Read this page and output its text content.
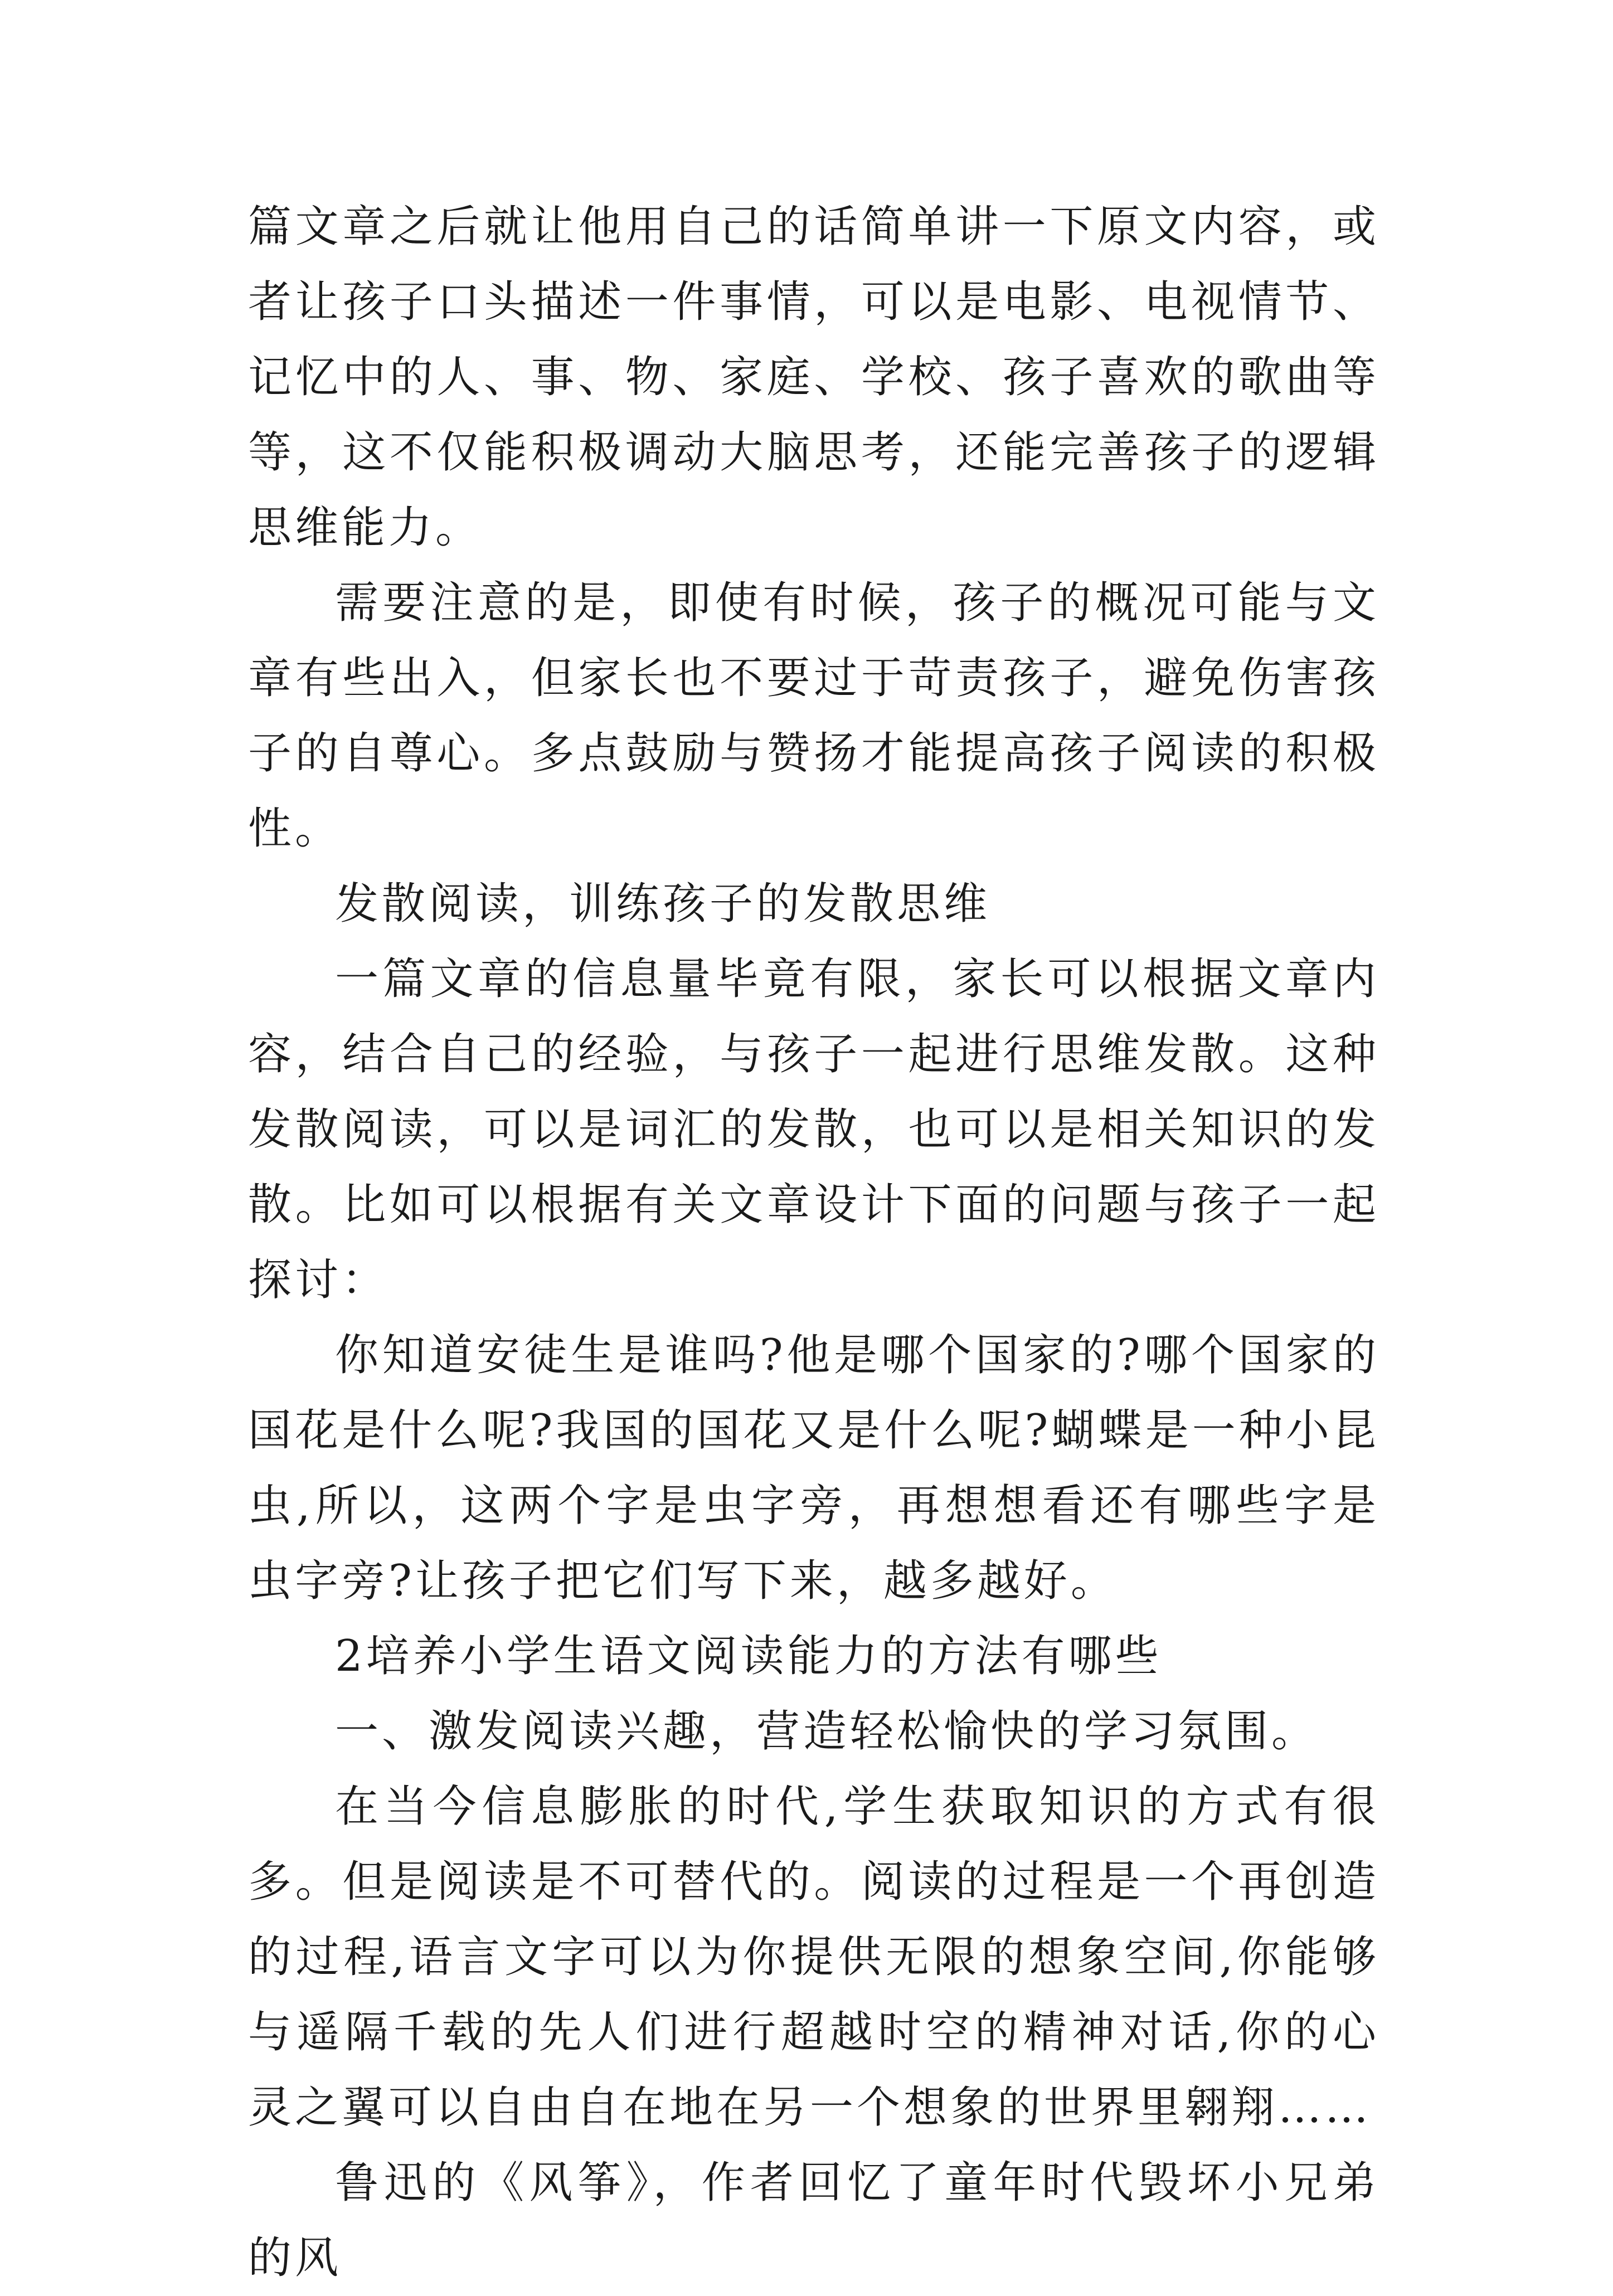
篇文章之后就让他用自己的话简单讲一下原文内容，或者让孩子口头描述一件事情，可以是电影、电视情节、记忆中的人、事、物、家庭、学校、孩子喜欢的歌曲等等，这不仅能积极调动大脑思考，还能完善孩子的逻辑思维能力。

需要注意的是，即使有时候，孩子的概况可能与文章有些出入，但家长也不要过于苛责孩子，避免伤害孩子的自尊心。多点鼓励与赞扬才能提高孩子阅读的积极性。

发散阅读，训练孩子的发散思维

一篇文章的信息量毕竟有限，家长可以根据文章内容，结合自己的经验，与孩子一起进行思维发散。这种发散阅读，可以是词汇的发散，也可以是相关知识的发散。比如可以根据有关文章设计下面的问题与孩子一起探讨：

你知道安徒生是谁吗?他是哪个国家的?哪个国家的国花是什么呢?我国的国花又是什么呢?蝴蝶是一种小昆虫,所以，这两个字是虫字旁，再想想看还有哪些字是虫字旁?让孩子把它们写下来，越多越好。

2培养小学生语文阅读能力的方法有哪些

一、激发阅读兴趣，营造轻松愉快的学习氛围。

在当今信息膨胀的时代,学生获取知识的方式有很多。但是阅读是不可替代的。阅读的过程是一个再创造的过程,语言文字可以为你提供无限的想象空间,你能够与遥隔千载的先人们进行超越时空的精神对话,你的心灵之翼可以自由自在地在另一个想象的世界里翱翔……

鲁迅的《风筝》，作者回忆了童年时代毁坏小兄弟的风
